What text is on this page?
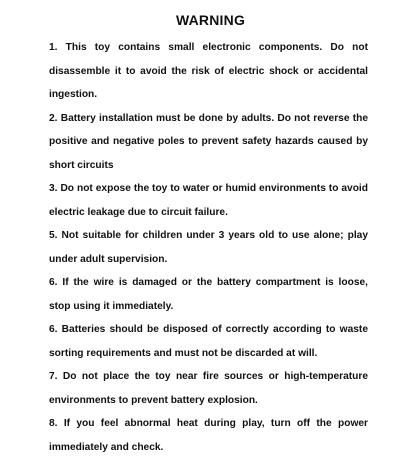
WARNING
1. This toy contains small electronic components. Do not disassemble it to avoid the risk of electric shock or accidental ingestion.
2. Battery installation must be done by adults. Do not reverse the positive and negative poles to prevent safety hazards caused by short circuits
3. Do not expose the toy to water or humid environments to avoid electric leakage due to circuit failure.
5. Not suitable for children under 3 years old to use alone; play under adult supervision.
6. If the wire is damaged or the battery compartment is loose, stop using it immediately.
6. Batteries should be disposed of correctly according to waste sorting requirements and must not be discarded at will.
7. Do not place the toy near fire sources or high-temperature environments to prevent battery explosion.
8. If you feel abnormal heat during play, turn off the power immediately and check.
